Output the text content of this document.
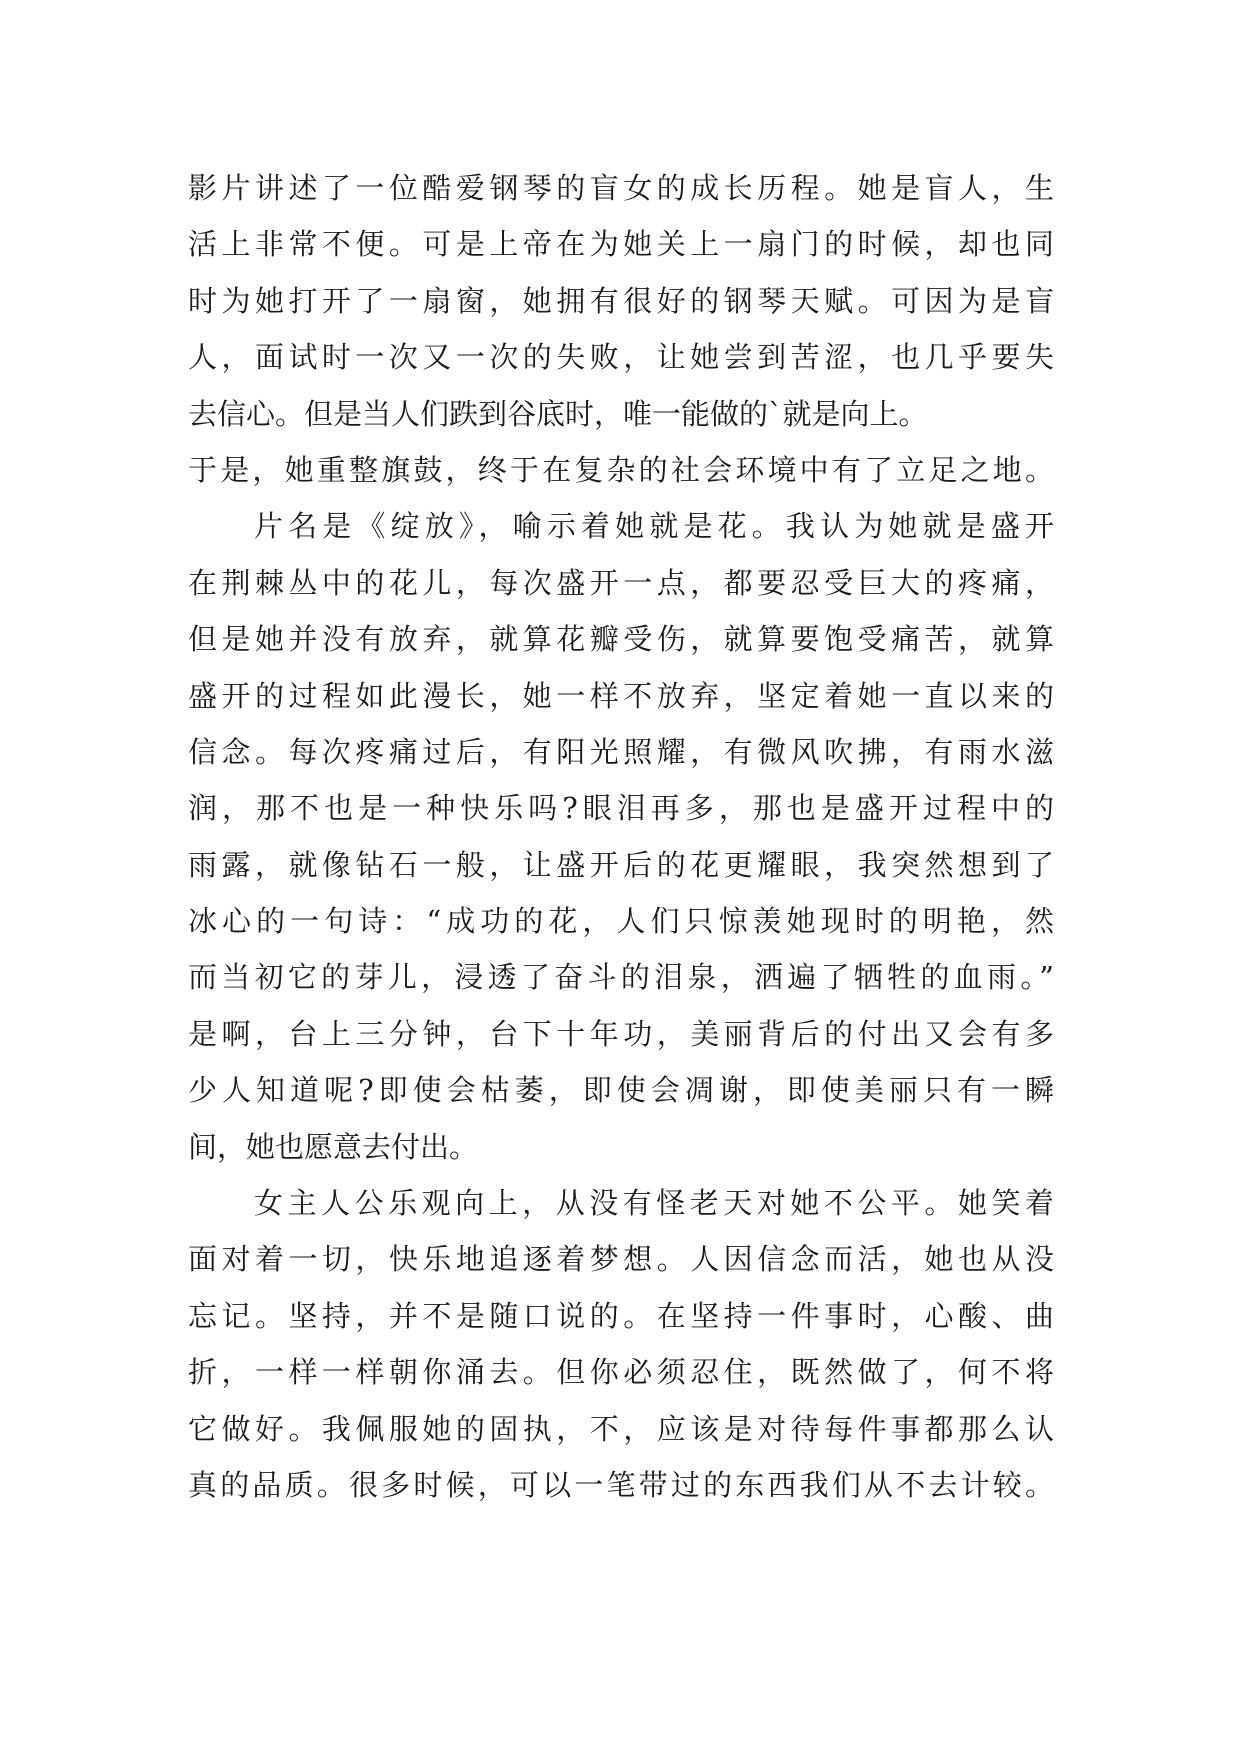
影片讲述了一位酷爱钢琴的盲女的成长历程。她是盲人，生
活上非常不便。可是上帝在为她关上一扇门的时候，却也同
时为她打开了一扇窗，她拥有很好的钢琴天赋。可因为是盲
人，面试时一次又一次的失败，让她尝到苦涩，也几乎要失
去信心。但是当人们跌到谷底时，唯一能做的`就是向上。
于是，她重整旗鼓，终于在复杂的社会环境中有了立足之地。
片名是《绽放》，喻示着她就是花。我认为她就是盛开
在荆棘丛中的花儿，每次盛开一点，都要忍受巨大的疼痛，
但是她并没有放弃，就算花瓣受伤，就算要饱受痛苦，就算
盛开的过程如此漫长，她一样不放弃，坚定着她一直以来的
信念。每次疼痛过后，有阳光照耀，有微风吹拂，有雨水滋
润，那不也是一种快乐吗?眼泪再多，那也是盛开过程中的
雨露，就像钻石一般，让盛开后的花更耀眼，我突然想到了
冰心的一句诗：“成功的花，人们只惊羡她现时的明艳，然
而当初它的芽儿，浸透了奋斗的泪泉，洒遍了牺牲的血雨。”
是啊，台上三分钟，台下十年功，美丽背后的付出又会有多
少人知道呢?即使会枯萎，即使会凋谢，即使美丽只有一瞬
间，她也愿意去付出。
女主人公乐观向上，从没有怪老天对她不公平。她笑着
面对着一切，快乐地追逐着梦想。人因信念而活，她也从没
忘记。坚持，并不是随口说的。在坚持一件事时，心酸、曲
折，一样一样朝你涌去。但你必须忍住，既然做了，何不将
它做好。我佩服她的固执，不，应该是对待每件事都那么认
真的品质。很多时候，可以一笔带过的东西我们从不去计较。
